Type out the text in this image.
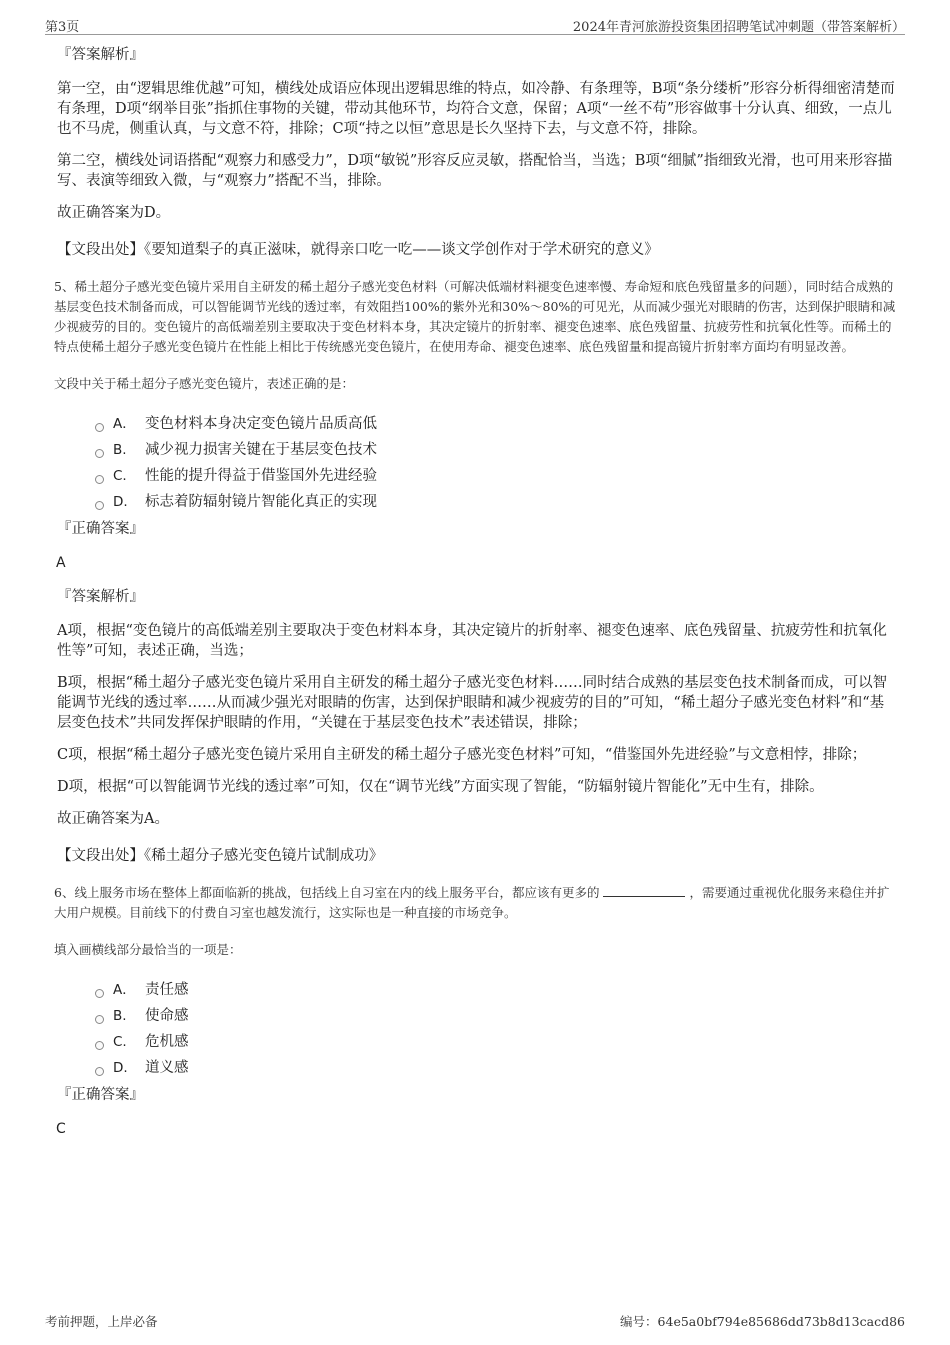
第3页	2024年青河旅游投资集团招聘笔试冲刺题（带答案解析）

『答案解析』

第一空，由“逻辑思维优越”可知，横线处成语应体现出逻辑思维的特点，如冷静、有条理等，B项“条分缕析”形容分析得细密清楚而有条理，D项“纲举目张”指抓住事物的关键，带动其他环节，均符合文意，保留；A项“一丝不苟”形容做事十分认真、细致，一点儿也不马虎，侧重认真，与文意不符，排除；C项“持之以恒”意思是长久坚持下去，与文意不符，排除。

第二空，横线处词语搭配“观察力和感受力”，D项“敏锐”形容反应灵敏，搭配恰当，当选；B项“细腻”指细致光滑，也可用来形容描写、表演等细致入微，与“观察力”搭配不当，排除。

故正确答案为D。

【文段出处】《要知道梨子的真正滋味，就得亲口吃一吃——谈文学创作对于学术研究的意义》

5、稀土超分子感光变色镜片采用自主研发的稀土超分子感光变色材料（可解决低端材料褪变色速率慢、寿命短和底色残留量多的问题），同时结合成熟的基层变色技术制备而成，可以智能调节光线的透过率，有效阻挡100%的紫外光和30%～80%的可见光，从而减少强光对眼睛的伤害，达到保护眼睛和减少视疲劳的目的。变色镜片的高低端差别主要取决于变色材料本身，其决定镜片的折射率、褪变色速率、底色残留量、抗疲劳性和抗氧化性等。而稀土的特点使稀土超分子感光变色镜片在性能上相比于传统感光变色镜片，在使用寿命、褪变色速率、底色残留量和提高镜片折射率方面均有明显改善。

文段中关于稀土超分子感光变色镜片，表述正确的是：

A． 变色材料本身决定变色镜片品质高低
B.	减少视力损害关键在于基层变色技术
C.	性能的提升得益于借鉴国外先进经验
D.	标志着防辐射镜片智能化真正的实现

『正确答案』

A

『答案解析』

A项，根据“变色镜片的高低端差别主要取决于变色材料本身，其决定镜片的折射率、褪变色速率、底色残留量、抗疲劳性和抗氧化性等”可知，表述正确，当选；

B项，根据“稀土超分子感光变色镜片采用自主研发的稀土超分子感光变色材料……同时结合成熟的基层变色技术制备而成，可以智能调节光线的透过率……从而减少强光对眼睛的伤害，达到保护眼睛和减少视疲劳的目的”可知，“稀土超分子感光变色材料”和“基层变色技术”共同发挥保护眼睛的作用，“关键在于基层变色技术”表述错误，排除；

C项，根据“稀土超分子感光变色镜片采用自主研发的稀土超分子感光变色材料”可知，“借鉴国外先进经验”与文意相悖，排除；

D项，根据“可以智能调节光线的透过率”可知，仅在“调节光线”方面实现了智能，“防辐射镜片智能化”无中生有，排除。

故正确答案为A。

【文段出处】《稀土超分子感光变色镜片试制成功》

6、线上服务市场在整体上都面临新的挑战，包括线上自习室在内的线上服务平台，都应该有更多的	，需要通过重视优化服务来稳住并扩大用户规模。目前线下的付费自习室也越发流行，这实际也是一种直接的市场竞争。

填入画横线部分最恰当的一项是：

A． 责任感
B.	使命感
C.	危机感
D.	道义感

『正确答案』

C

考前押题，上岸必备	编号：64e5a0bf794e85686dd73b8d13cacd86
